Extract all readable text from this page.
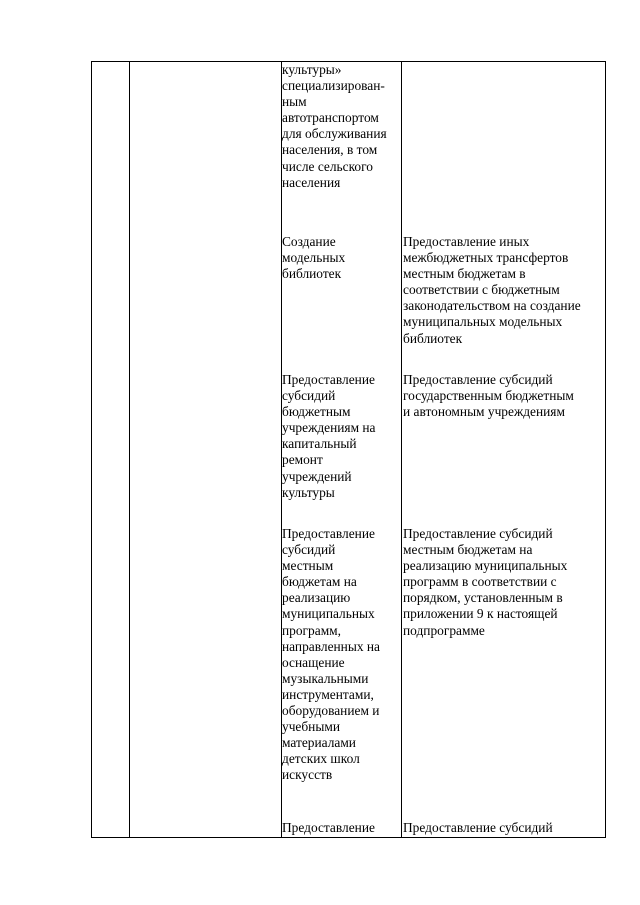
культуры»
специализирован-
ным
автотранспортом
для обслуживания
населения, в том
числе сельского
населения
Создание
модельных
библиотек
Предоставление иных
межбюджетных трансфертов
местным бюджетам в
соответствии с бюджетным
законодательством на создание
муниципальных модельных
библиотек
Предоставление
субсидий
бюджетным
учреждениям на
капитальный
ремонт
учреждений
культуры
Предоставление субсидий
государственным бюджетным
и автономным учреждениям
Предоставление
субсидий
местным
бюджетам на
реализацию
муниципальных
программ,
направленных на
оснащение
музыкальными
инструментами,
оборудованием и
учебными
материалами
детских школ
искусств
Предоставление субсидий
местным бюджетам на
реализацию муниципальных
программ в соответствии с
порядком, установленным в
приложении 9 к настоящей
подпрограмме
Предоставление	Предоставление субсидий
